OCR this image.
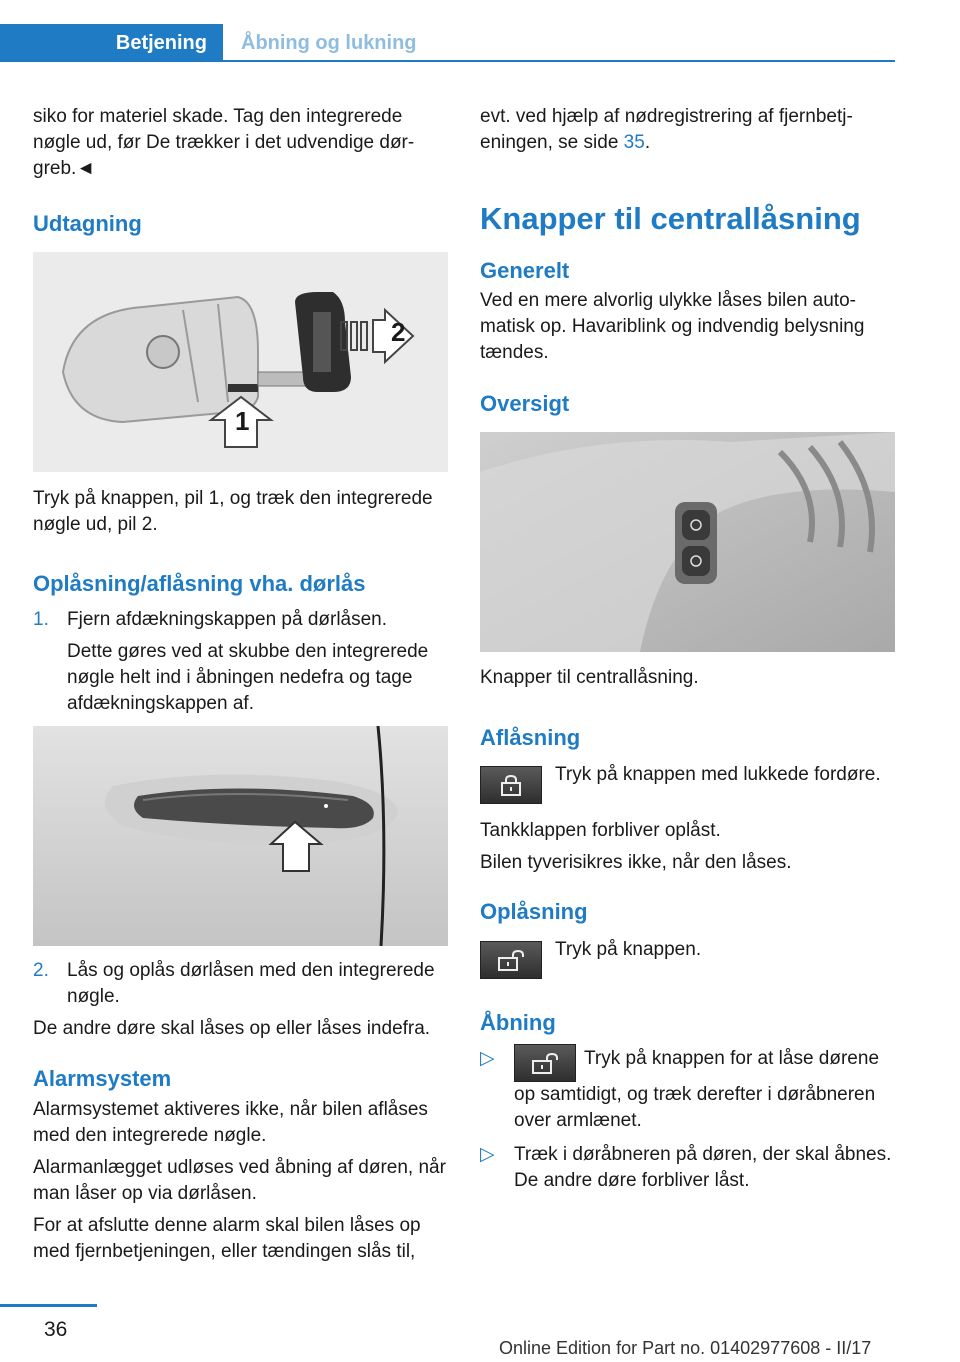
Betjening	Åbning og lukning

siko for materiel skade. Tag den integrerede nøgle ud, før De trækker i det udvendige dørgreb.◄

Udtagning
1
2

Tryk på knappen, pil 1, og træk den integrerede nøgle ud, pil 2.

Oplåsning/aflåsning vha. dørlås
1. Fjern afdækningskappen på dørlåsen.

Dette gøres ved at skubbe den integrerede nøgle helt ind i åbningen nedefra og tage afdækningskappen af.

2. Lås og oplås dørlåsen med den integrerede nøgle.

De andre døre skal låses op eller låses indefra.

Alarmsystem

Alarmsystemet aktiveres ikke, når bilen aflåses med den integrerede nøgle.

Alarmanlægget udløses ved åbning af døren, når man låser op via dørlåsen.

For at afslutte denne alarm skal bilen låses op med fjernbetjeningen, eller tændingen slås til,

evt. ved hjælp af nødregistrering af fjernbetjeningen, se side 35.

Knapper til centrallåsning
Generelt

Ved en mere alvorlig ulykke låses bilen automatisk op. Havariblink og indvendig belysning tændes.

Oversigt

Knapper til centrallåsning.

Aflåsning
Tryk på knappen med lukkede fordøre.

Tankklappen forbliver oplåst.

Bilen tyverisikres ikke, når den låses.

Oplåsning
Tryk på knappen.
Åbning
▷	Tryk på knappen for at låse dørene op samtidigt, og træk derefter i døråbneren over armlænet.

▷ Træk i døråbneren på døren, der skal åbnes. De andre døre forbliver låst.

36
Online Edition for Part no. 01402977608 - II/17
